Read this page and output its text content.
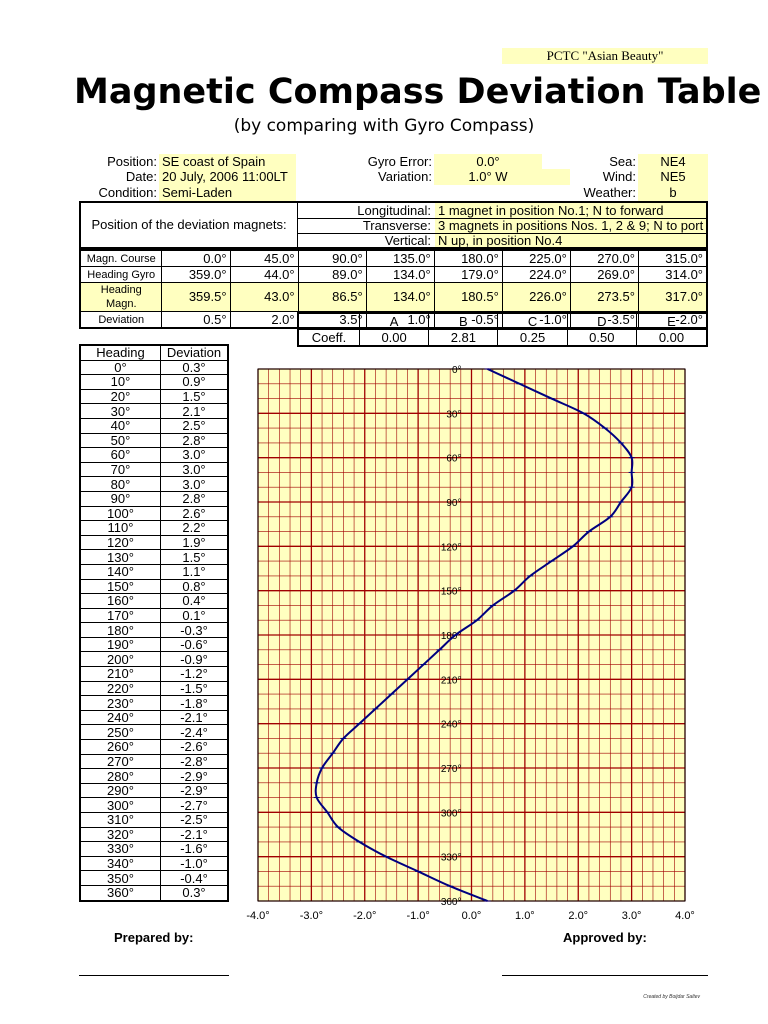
PCTC "Asian Beauty"
Magnetic Compass Deviation Table
(by comparing with Gyro Compass)
Position: SE coast of Spain
Date: 20 July, 2006 11:00LT
Condition: Semi-Laden
Gyro Error:	0.0°
Variation:	1.0° W
Sea:	NE4
Wind:	NE5
Weather:	b
Position of the deviation magnets:
Longitudinal: 1 magnet in position No.1; N to forward
Transverse: 3 magnets in positions Nos. 1, 2 & 9; N to port
Vertical: N up, in position No.4
Magn. Course	0.0°	45.0°	90.0°	135.0°	180.0°	225.0°	270.0°	315.0°
Heading Gyro	359.0°	44.0°	89.0°	134.0°	179.0°	224.0°	269.0°	314.0°
Heading Magn.	359.5°	43.0°	86.5°	134.0°	180.5°	226.0°	273.5°	317.0°
Deviation	0.5°	2.0°	3.5°	1.0°	-0.5°	-1.0°	-3.5°	-2.0°
	A	B	C	D	E
Coeff.	0.00	2.81	0.25	0.50	0.00
Heading	Deviation
0°	0.3°
10°	0.9°
20°	1.5°
30°	2.1°
40°	2.5°
50°	2.8°
60°	3.0°
70°	3.0°
80°	3.0°
90°	2.8°
100°	2.6°
110°	2.2°
120°	1.9°
130°	1.5°
140°	1.1°
150°	0.8°
160°	0.4°
170°	0.1°
180°	-0.3°
190°	-0.6°
200°	-0.9°
210°	-1.2°
220°	-1.5°
230°	-1.8°
240°	-2.1°
250°	-2.4°
260°	-2.6°
270°	-2.8°
280°	-2.9°
290°	-2.9°
300°	-2.7°
310°	-2.5°
320°	-2.1°
330°	-1.6°
340°	-1.0°
350°	-0.4°
360°	0.3°
-4.0°	-3.0°	-2.0°	-1.0°	0.0°	1.0°	2.0°	3.0°	4.0°
0°
30°
60°
90°
120°
150°
180°
210°
240°
270°
300°
330°
360°
Prepared by:	Approved by:
Created by Boijdar Saltev
